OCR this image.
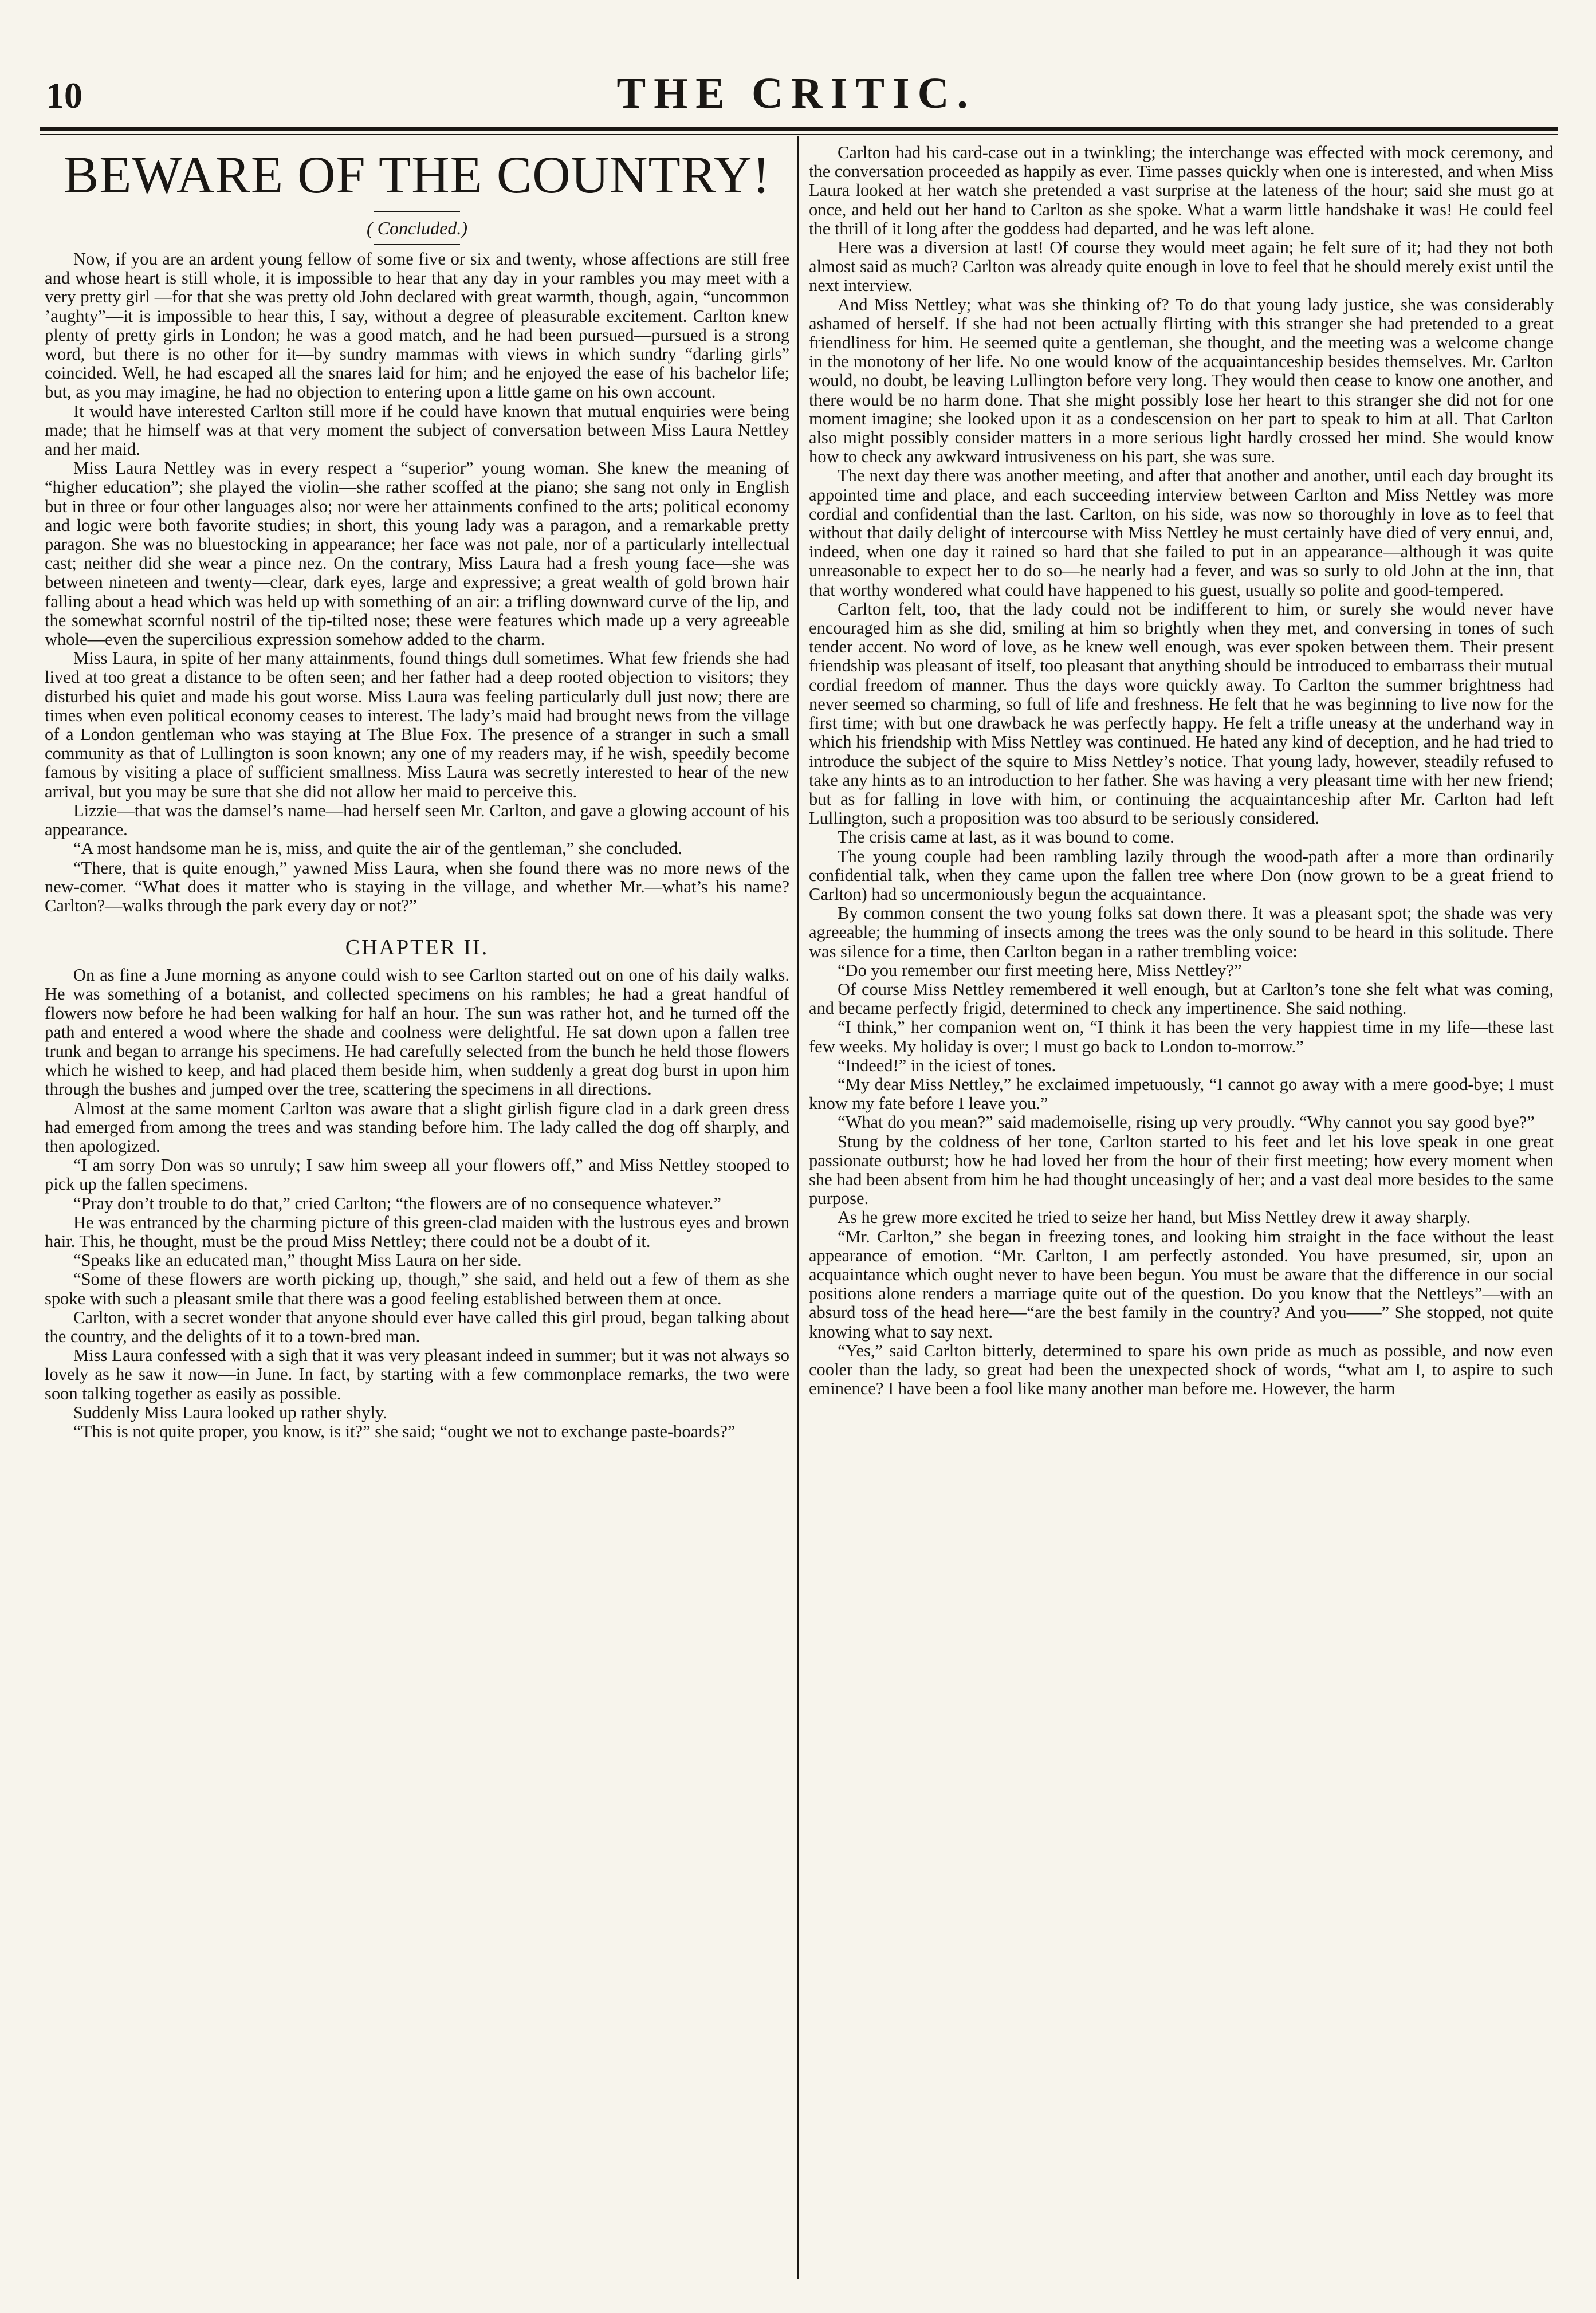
10	THE CRITIC.
BEWARE OF THE COUNTRY!
( Concluded.)

Now, if you are an ardent young fellow of some five or six and twenty, whose affections are still free and whose heart is still whole, it is impossible to hear that any day in your rambles you may meet with a very pretty girl —for that she was pretty old John declared with great warmth, though, again, “uncommon ’aughty”—it is impossible to hear this, I say, without a degree of pleasurable excitement. Carlton knew plenty of pretty girls in London; he was a good match, and he had been pursued—pursued is a strong word, but there is no other for it—by sundry mammas with views in which sundry “darling girls” coincided. Well, he had escaped all the snares laid for him; and he enjoyed the ease of his bachelor life; but, as you may imagine, he had no objection to entering upon a little game on his own account.

It would have interested Carlton still more if he could have known that mutual enquiries were being made; that he himself was at that very moment the subject of conversation between Miss Laura Nettley and her maid.

Miss Laura Nettley was in every respect a “superior” young woman. She knew the meaning of “higher education”; she played the violin—she rather scoffed at the piano; she sang not only in English but in three or four other languages also; nor were her attainments confined to the arts; political economy and logic were both favorite studies; in short, this young lady was a paragon, and a remarkable pretty paragon. She was no bluestocking in appearance; her face was not pale, nor of a particularly intellectual cast; neither did she wear a pince nez. On the contrary, Miss Laura had a fresh young face—she was between nineteen and twenty—clear, dark eyes, large and expressive; a great wealth of gold brown hair falling about a head which was held up with something of an air: a trifling downward curve of the lip, and the somewhat scornful nostril of the tip-tilted nose; these were features which made up a very agreeable whole—even the supercilious expression somehow added to the charm.

Miss Laura, in spite of her many attainments, found things dull sometimes. What few friends she had lived at too great a distance to be often seen; and her father had a deep rooted objection to visitors; they disturbed his quiet and made his gout worse. Miss Laura was feeling particularly dull just now; there are times when even political economy ceases to interest. The lady’s maid had brought news from the village of a London gentleman who was staying at The Blue Fox. The presence of a stranger in such a small community as that of Lullington is soon known; any one of my readers may, if he wish, speedily become famous by visiting a place of sufficient smallness. Miss Laura was secretly interested to hear of the new arrival, but you may be sure that she did not allow her maid to perceive this.

Lizzie—that was the damsel’s name—had herself seen Mr. Carlton, and gave a glowing account of his appearance.

“A most handsome man he is, miss, and quite the air of the gentleman,” she concluded.

“There, that is quite enough,” yawned Miss Laura, when she found there was no more news of the new-comer. “What does it matter who is staying in the village, and whether Mr.—what’s his name? Carlton?—walks through the park every day or not?”

CHAPTER II.

On as fine a June morning as anyone could wish to see Carlton started out on one of his daily walks. He was something of a botanist, and collected specimens on his rambles; he had a great handful of flowers now before he had been walking for half an hour. The sun was rather hot, and he turned off the path and entered a wood where the shade and coolness were delightful. He sat down upon a fallen tree trunk and began to arrange his specimens. He had carefully selected from the bunch he held those flowers which he wished to keep, and had placed them beside him, when suddenly a great dog burst in upon him through the bushes and jumped over the tree, scattering the specimens in all directions.

Almost at the same moment Carlton was aware that a slight girlish figure clad in a dark green dress had emerged from among the trees and was standing before him. The lady called the dog off sharply, and then apologized.

“I am sorry Don was so unruly; I saw him sweep all your flowers off,” and Miss Nettley stooped to pick up the fallen specimens.

“Pray don’t trouble to do that,” cried Carlton; “the flowers are of no consequence whatever.”

He was entranced by the charming picture of this green-clad maiden with the lustrous eyes and brown hair. This, he thought, must be the proud Miss Nettley; there could not be a doubt of it.

“Speaks like an educated man,” thought Miss Laura on her side.

“Some of these flowers are worth picking up, though,” she said, and held out a few of them as she spoke with such a pleasant smile that there was a good feeling established between them at once.

Carlton, with a secret wonder that anyone should ever have called this girl proud, began talking about the country, and the delights of it to a town-bred man.

Miss Laura confessed with a sigh that it was very pleasant indeed in summer; but it was not always so lovely as he saw it now—in June. In fact, by starting with a few commonplace remarks, the two were soon talking together as easily as possible.

Suddenly Miss Laura looked up rather shyly.

“This is not quite proper, you know, is it?” she said; “ought we not to exchange paste-boards?”

Carlton had his card-case out in a twinkling; the interchange was effected with mock ceremony, and the conversation proceeded as happily as ever. Time passes quickly when one is interested, and when Miss Laura looked at her watch she pretended a vast surprise at the lateness of the hour; said she must go at once, and held out her hand to Carlton as she spoke. What a warm little handshake it was! He could feel the thrill of it long after the goddess had departed, and he was left alone.

Here was a diversion at last! Of course they would meet again; he felt sure of it; had they not both almost said as much? Carlton was already quite enough in love to feel that he should merely exist until the next interview.

And Miss Nettley; what was she thinking of? To do that young lady justice, she was considerably ashamed of herself. If she had not been actually flirting with this stranger she had pretended to a great friendliness for him. He seemed quite a gentleman, she thought, and the meeting was a welcome change in the monotony of her life. No one would know of the acquaintanceship besides themselves. Mr. Carlton would, no doubt, be leaving Lullington before very long. They would then cease to know one another, and there would be no harm done. That she might possibly lose her heart to this stranger she did not for one moment imagine; she looked upon it as a condescension on her part to speak to him at all. That Carlton also might possibly consider matters in a more serious light hardly crossed her mind. She would know how to check any awkward intrusiveness on his part, she was sure.

The next day there was another meeting, and after that another and another, until each day brought its appointed time and place, and each succeeding interview between Carlton and Miss Nettley was more cordial and confidential than the last. Carlton, on his side, was now so thoroughly in love as to feel that without that daily delight of intercourse with Miss Nettley he must certainly have died of very ennui, and, indeed, when one day it rained so hard that she failed to put in an appearance—although it was quite unreasonable to expect her to do so—he nearly had a fever, and was so surly to old John at the inn, that that worthy wondered what could have happened to his guest, usually so polite and good-tempered.

Carlton felt, too, that the lady could not be indifferent to him, or surely she would never have encouraged him as she did, smiling at him so brightly when they met, and conversing in tones of such tender accent. No word of love, as he knew well enough, was ever spoken between them. Their present friendship was pleasant of itself, too pleasant that anything should be introduced to embarrass their mutual cordial freedom of manner. Thus the days wore quickly away. To Carlton the summer brightness had never seemed so charming, so full of life and freshness. He felt that he was beginning to live now for the first time; with but one drawback he was perfectly happy. He felt a trifle uneasy at the underhand way in which his friendship with Miss Nettley was continued. He hated any kind of deception, and he had tried to introduce the subject of the squire to Miss Nettley’s notice. That young lady, however, steadily refused to take any hints as to an introduction to her father. She was having a very pleasant time with her new friend; but as for falling in love with him, or continuing the acquaintanceship after Mr. Carlton had left Lullington, such a proposition was too absurd to be seriously considered.

The crisis came at last, as it was bound to come.

The young couple had been rambling lazily through the wood-path after a more than ordinarily confidential talk, when they came upon the fallen tree where Don (now grown to be a great friend to Carlton) had so uncermoniously begun the acquaintance.

By common consent the two young folks sat down there. It was a pleasant spot; the shade was very agreeable; the humming of insects among the trees was the only sound to be heard in this solitude. There was silence for a time, then Carlton began in a rather trembling voice:

“Do you remember our first meeting here, Miss Nettley?”

Of course Miss Nettley remembered it well enough, but at Carlton’s tone she felt what was coming, and became perfectly frigid, determined to check any impertinence. She said nothing.

“I think,” her companion went on, “I think it has been the very happiest time in my life—these last few weeks. My holiday is over; I must go back to London to-morrow.”

“Indeed!” in the iciest of tones.

“My dear Miss Nettley,” he exclaimed impetuously, “I cannot go away with a mere good-bye; I must know my fate before I leave you.”

“What do you mean?” said mademoiselle, rising up very proudly. “Why cannot you say good bye?”

Stung by the coldness of her tone, Carlton started to his feet and let his love speak in one great passionate outburst; how he had loved her from the hour of their first meeting; how every moment when she had been absent from him he had thought unceasingly of her; and a vast deal more besides to the same purpose.

As he grew more excited he tried to seize her hand, but Miss Nettley drew it away sharply.

“Mr. Carlton,” she began in freezing tones, and looking him straight in the face without the least appearance of emotion. “Mr. Carlton, I am perfectly astonded. You have presumed, sir, upon an acquaintance which ought never to have been begun. You must be aware that the difference in our social positions alone renders a marriage quite out of the question. Do you know that the Nettleys”—with an absurd toss of the head here—“are the best family in the country? And you——” She stopped, not quite knowing what to say next.

“Yes,” said Carlton bitterly, determined to spare his own pride as much as possible, and now even cooler than the lady, so great had been the unexpected shock of words, “what am I, to aspire to such eminence? I have been a fool like many another man before me. However, the harm
